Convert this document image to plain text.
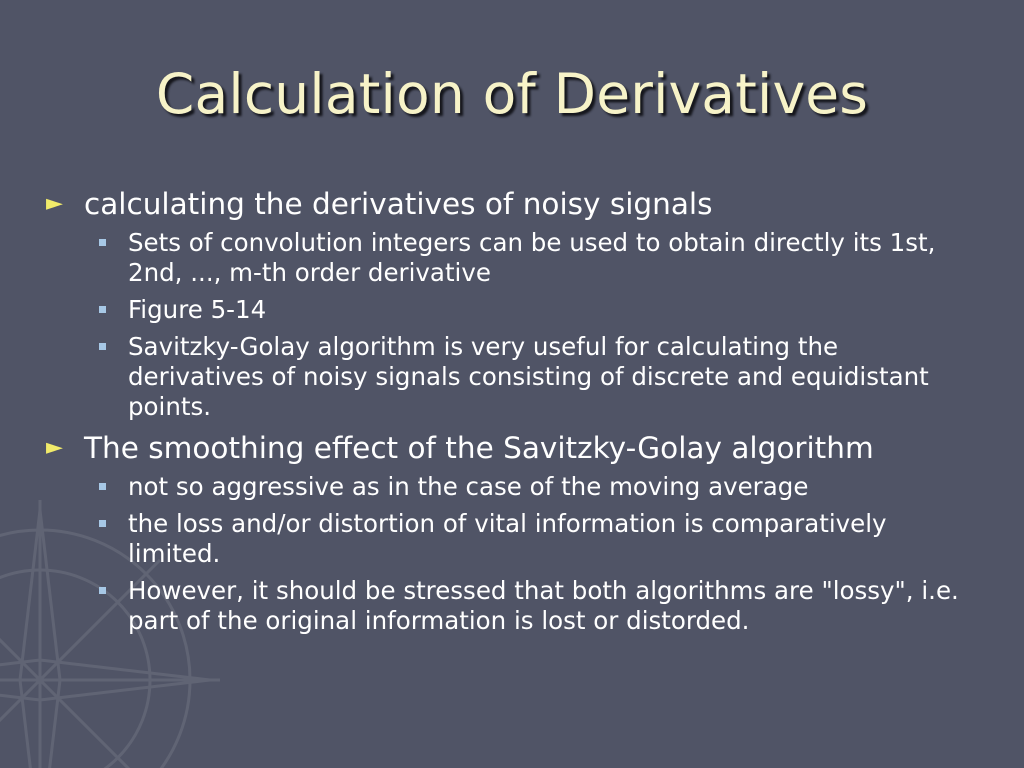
Calculation of Derivatives
► calculating the derivatives of noisy signals
Sets of convolution integers can be used to obtain directly its 1st, 2nd, ..., m-th order derivative
Figure 5-14
Savitzky-Golay algorithm is very useful for calculating the derivatives of noisy signals consisting of discrete and equidistant points.
► The smoothing effect of the Savitzky-Golay algorithm
not so aggressive as in the case of the moving average
the loss and/or distortion of vital information is comparatively limited.
However, it should be stressed that both algorithms are "lossy", i.e. part of the original information is lost or distorded.
